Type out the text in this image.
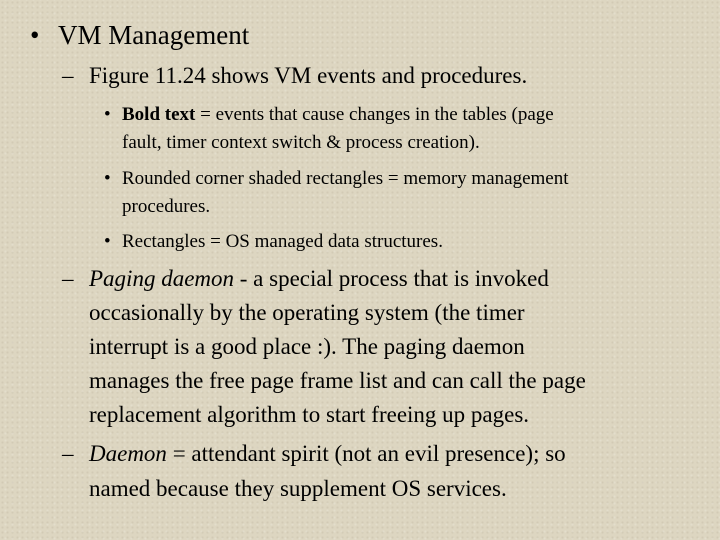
• VM Management
– Figure 11.24 shows VM events and procedures.
• Bold text = events that cause changes in the tables (page
fault, timer context switch & process creation).
• Rounded corner shaded rectangles = memory management
procedures.
• Rectangles = OS managed data structures.
– Paging daemon - a special process that is invoked
occasionally by the operating system (the timer
interrupt is a good place :). The paging daemon
manages the free page frame list and can call the page
replacement algorithm to start freeing up pages.
– Daemon = attendant spirit (not an evil presence); so
named because they supplement OS services.
